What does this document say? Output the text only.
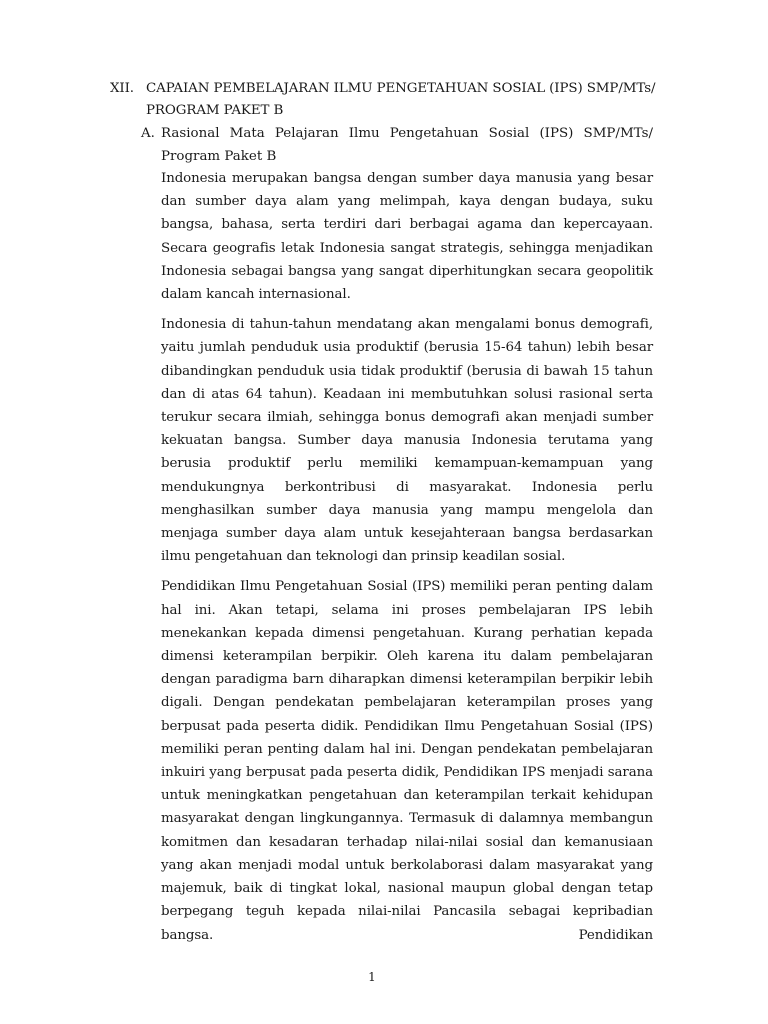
XII. CAPAIAN PEMBELAJARAN ILMU PENGETAHUAN SOSIAL (IPS) SMP/MTs/
PROGRAM PAKET B
A. Rasional Mata Pelajaran Ilmu Pengetahuan Sosial (IPS) SMP/MTs/ Program Paket B

Indonesia merupakan bangsa dengan sumber daya manusia yang besar dan sumber daya alam yang melimpah, kaya dengan budaya, suku bangsa, bahasa, serta terdiri dari berbagai agama dan kepercayaan. Secara geografis letak Indonesia sangat strategis, sehingga menjadikan Indonesia sebagai bangsa yang sangat diperhitungkan secara geopolitik dalam kancah internasional.

Indonesia di tahun-tahun mendatang akan mengalami bonus demografi, yaitu jumlah penduduk usia produktif (berusia 15-64 tahun) lebih besar dibandingkan penduduk usia tidak produktif (berusia di bawah 15 tahun dan di atas 64 tahun). Keadaan ini membutuhkan solusi rasional serta terukur secara ilmiah, sehingga bonus demografi akan menjadi sumber kekuatan bangsa. Sumber daya manusia Indonesia terutama yang berusia produktif perlu memiliki kemampuan-kemampuan yang mendukungnya berkontribusi di masyarakat. Indonesia perlu menghasilkan sumber daya manusia yang mampu mengelola dan menjaga sumber daya alam untuk kesejahteraan bangsa berdasarkan ilmu pengetahuan dan teknologi dan prinsip keadilan sosial.

Pendidikan Ilmu Pengetahuan Sosial (IPS) memiliki peran penting dalam hal ini. Akan tetapi, selama ini proses pembelajaran IPS lebih menekankan kepada dimensi pengetahuan. Kurang perhatian kepada dimensi keterampilan berpikir. Oleh karena itu dalam pembelajaran dengan paradigma barn diharapkan dimensi keterampilan berpikir lebih digali. Dengan pendekatan pembelajaran keterampilan proses yang berpusat pada peserta didik. Pendidikan Ilmu Pengetahuan Sosial (IPS) memiliki peran penting dalam hal ini. Dengan pendekatan pembelajaran inkuiri yang berpusat pada peserta didik, Pendidikan IPS menjadi sarana untuk meningkatkan pengetahuan dan keterampilan terkait kehidupan masyarakat dengan lingkungannya. Termasuk di dalamnya membangun komitmen dan kesadaran terhadap nilai-nilai sosial dan kemanusiaan yang akan menjadi modal untuk berkolaborasi dalam masyarakat yang majemuk, baik di tingkat lokal, nasional maupun global dengan tetap berpegang teguh kepada nilai-nilai Pancasila sebagai kepribadian bangsa. Pendidikan

1
